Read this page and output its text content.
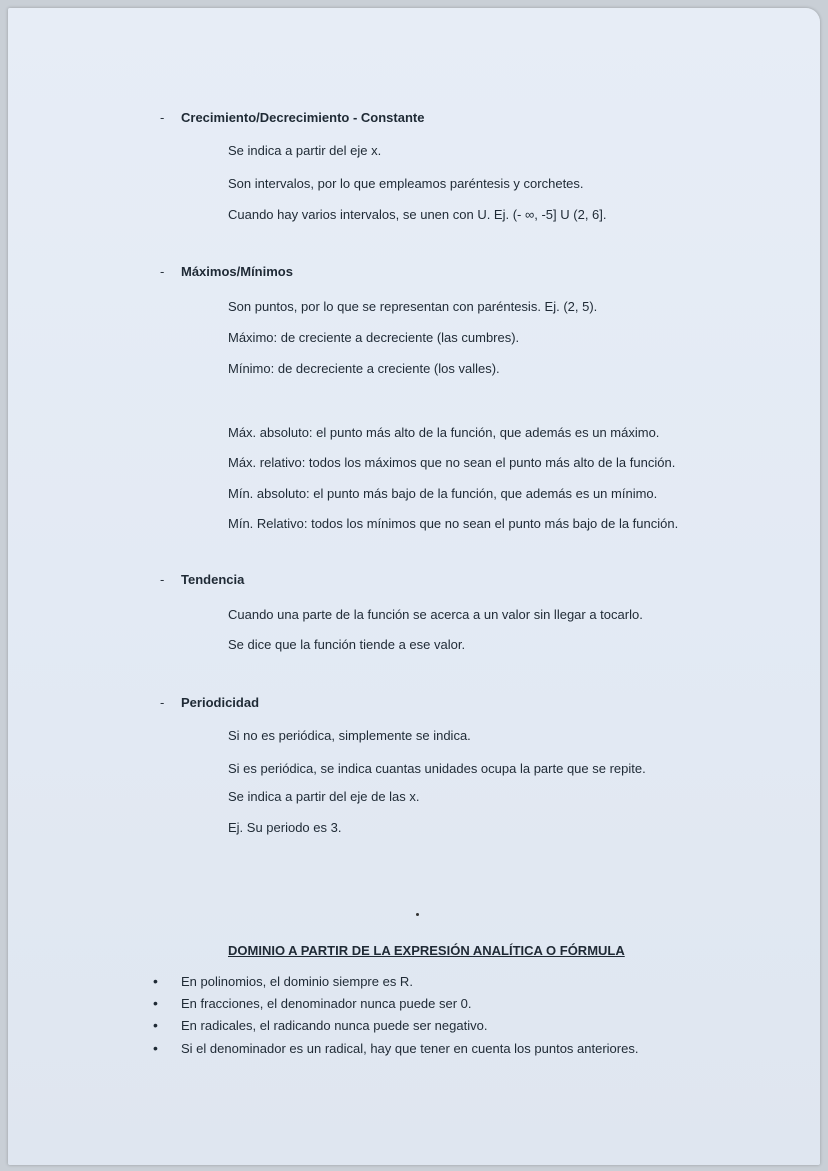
- Crecimiento/Decrecimiento - Constante
Se indica a partir del eje x.
Son intervalos, por lo que empleamos paréntesis y corchetes.
Cuando hay varios intervalos, se unen con U. Ej. (- ∞, -5] U (2, 6].
- Máximos/Mínimos
Son puntos, por lo que se representan con paréntesis. Ej. (2, 5).
Máximo: de creciente a decreciente (las cumbres).
Mínimo: de decreciente a creciente (los valles).
Máx. absoluto: el punto más alto de la función, que además es un máximo.
Máx. relativo: todos los máximos que no sean el punto más alto de la función.
Mín. absoluto: el punto más bajo de la función, que además es un mínimo.
Mín. Relativo: todos los mínimos que no sean el punto más bajo de la función.
- Tendencia
Cuando una parte de la función se acerca a un valor sin llegar a tocarlo.
Se dice que la función tiende a ese valor.
- Periodicidad
Si no es periódica, simplemente se indica.
Si es periódica, se indica cuantas unidades ocupa la parte que se repite.
Se indica a partir del eje de las x.
Ej. Su periodo es 3.
DOMINIO A PARTIR DE LA EXPRESIÓN ANALÍTICA O FÓRMULA
• En polinomios, el dominio siempre es R.
• En fracciones, el denominador nunca puede ser 0.
• En radicales, el radicando nunca puede ser negativo.
• Si el denominador es un radical, hay que tener en cuenta los puntos anteriores.
